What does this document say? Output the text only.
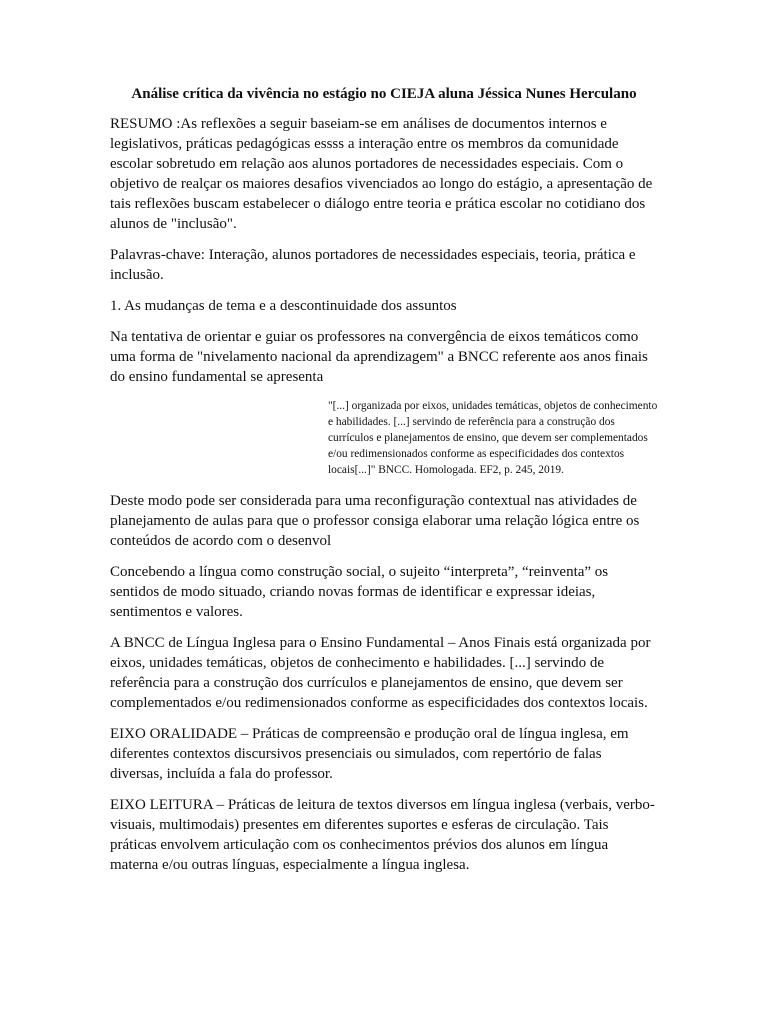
Análise crítica da vivência no estágio no CIEJA aluna Jéssica Nunes Herculano

RESUMO :As reflexões a seguir baseiam-se em análises de documentos internos e legislativos, práticas pedagógicas essss a interação entre os membros da comunidade escolar sobretudo em relação aos alunos portadores de necessidades especiais. Com o objetivo de realçar os maiores desafios vivenciados ao longo do estágio, a apresentação de tais reflexões buscam estabelecer o diálogo entre teoria e prática escolar no cotidiano dos alunos de "inclusão".

Palavras-chave: Interação, alunos portadores de necessidades especiais, teoria, prática e inclusão.

1. As mudanças de tema e a descontinuidade dos assuntos

Na tentativa de orientar e guiar os professores na convergência de eixos temáticos como uma forma de "nivelamento nacional da aprendizagem" a BNCC referente aos anos finais do ensino fundamental se apresenta

"[...] organizada por eixos, unidades temáticas, objetos de conhecimento e habilidades. [...] servindo de referência para a construção dos currículos e planejamentos de ensino, que devem ser complementados e/ou redimensionados conforme as especificidades dos contextos locais[...]" BNCC. Homologada. EF2, p. 245, 2019.

Deste modo pode ser considerada para uma reconfiguração contextual nas atividades de planejamento de aulas para que o professor consiga elaborar uma relação lógica entre os conteúdos de acordo com o desenvol

Concebendo a língua como construção social, o sujeito “interpreta”, “reinventa” os sentidos de modo situado, criando novas formas de identificar e expressar ideias, sentimentos e valores.

A BNCC de Língua Inglesa para o Ensino Fundamental – Anos Finais está organizada por eixos, unidades temáticas, objetos de conhecimento e habilidades. [...] servindo de referência para a construção dos currículos e planejamentos de ensino, que devem ser complementados e/ou redimensionados conforme as especificidades dos contextos locais.

EIXO ORALIDADE – Práticas de compreensão e produção oral de língua inglesa, em diferentes contextos discursivos presenciais ou simulados, com repertório de falas diversas, incluída a fala do professor.

EIXO LEITURA – Práticas de leitura de textos diversos em língua inglesa (verbais, verbo-visuais, multimodais) presentes em diferentes suportes e esferas de circulação. Tais práticas envolvem articulação com os conhecimentos prévios dos alunos em língua materna e/ou outras línguas, especialmente a língua inglesa.
